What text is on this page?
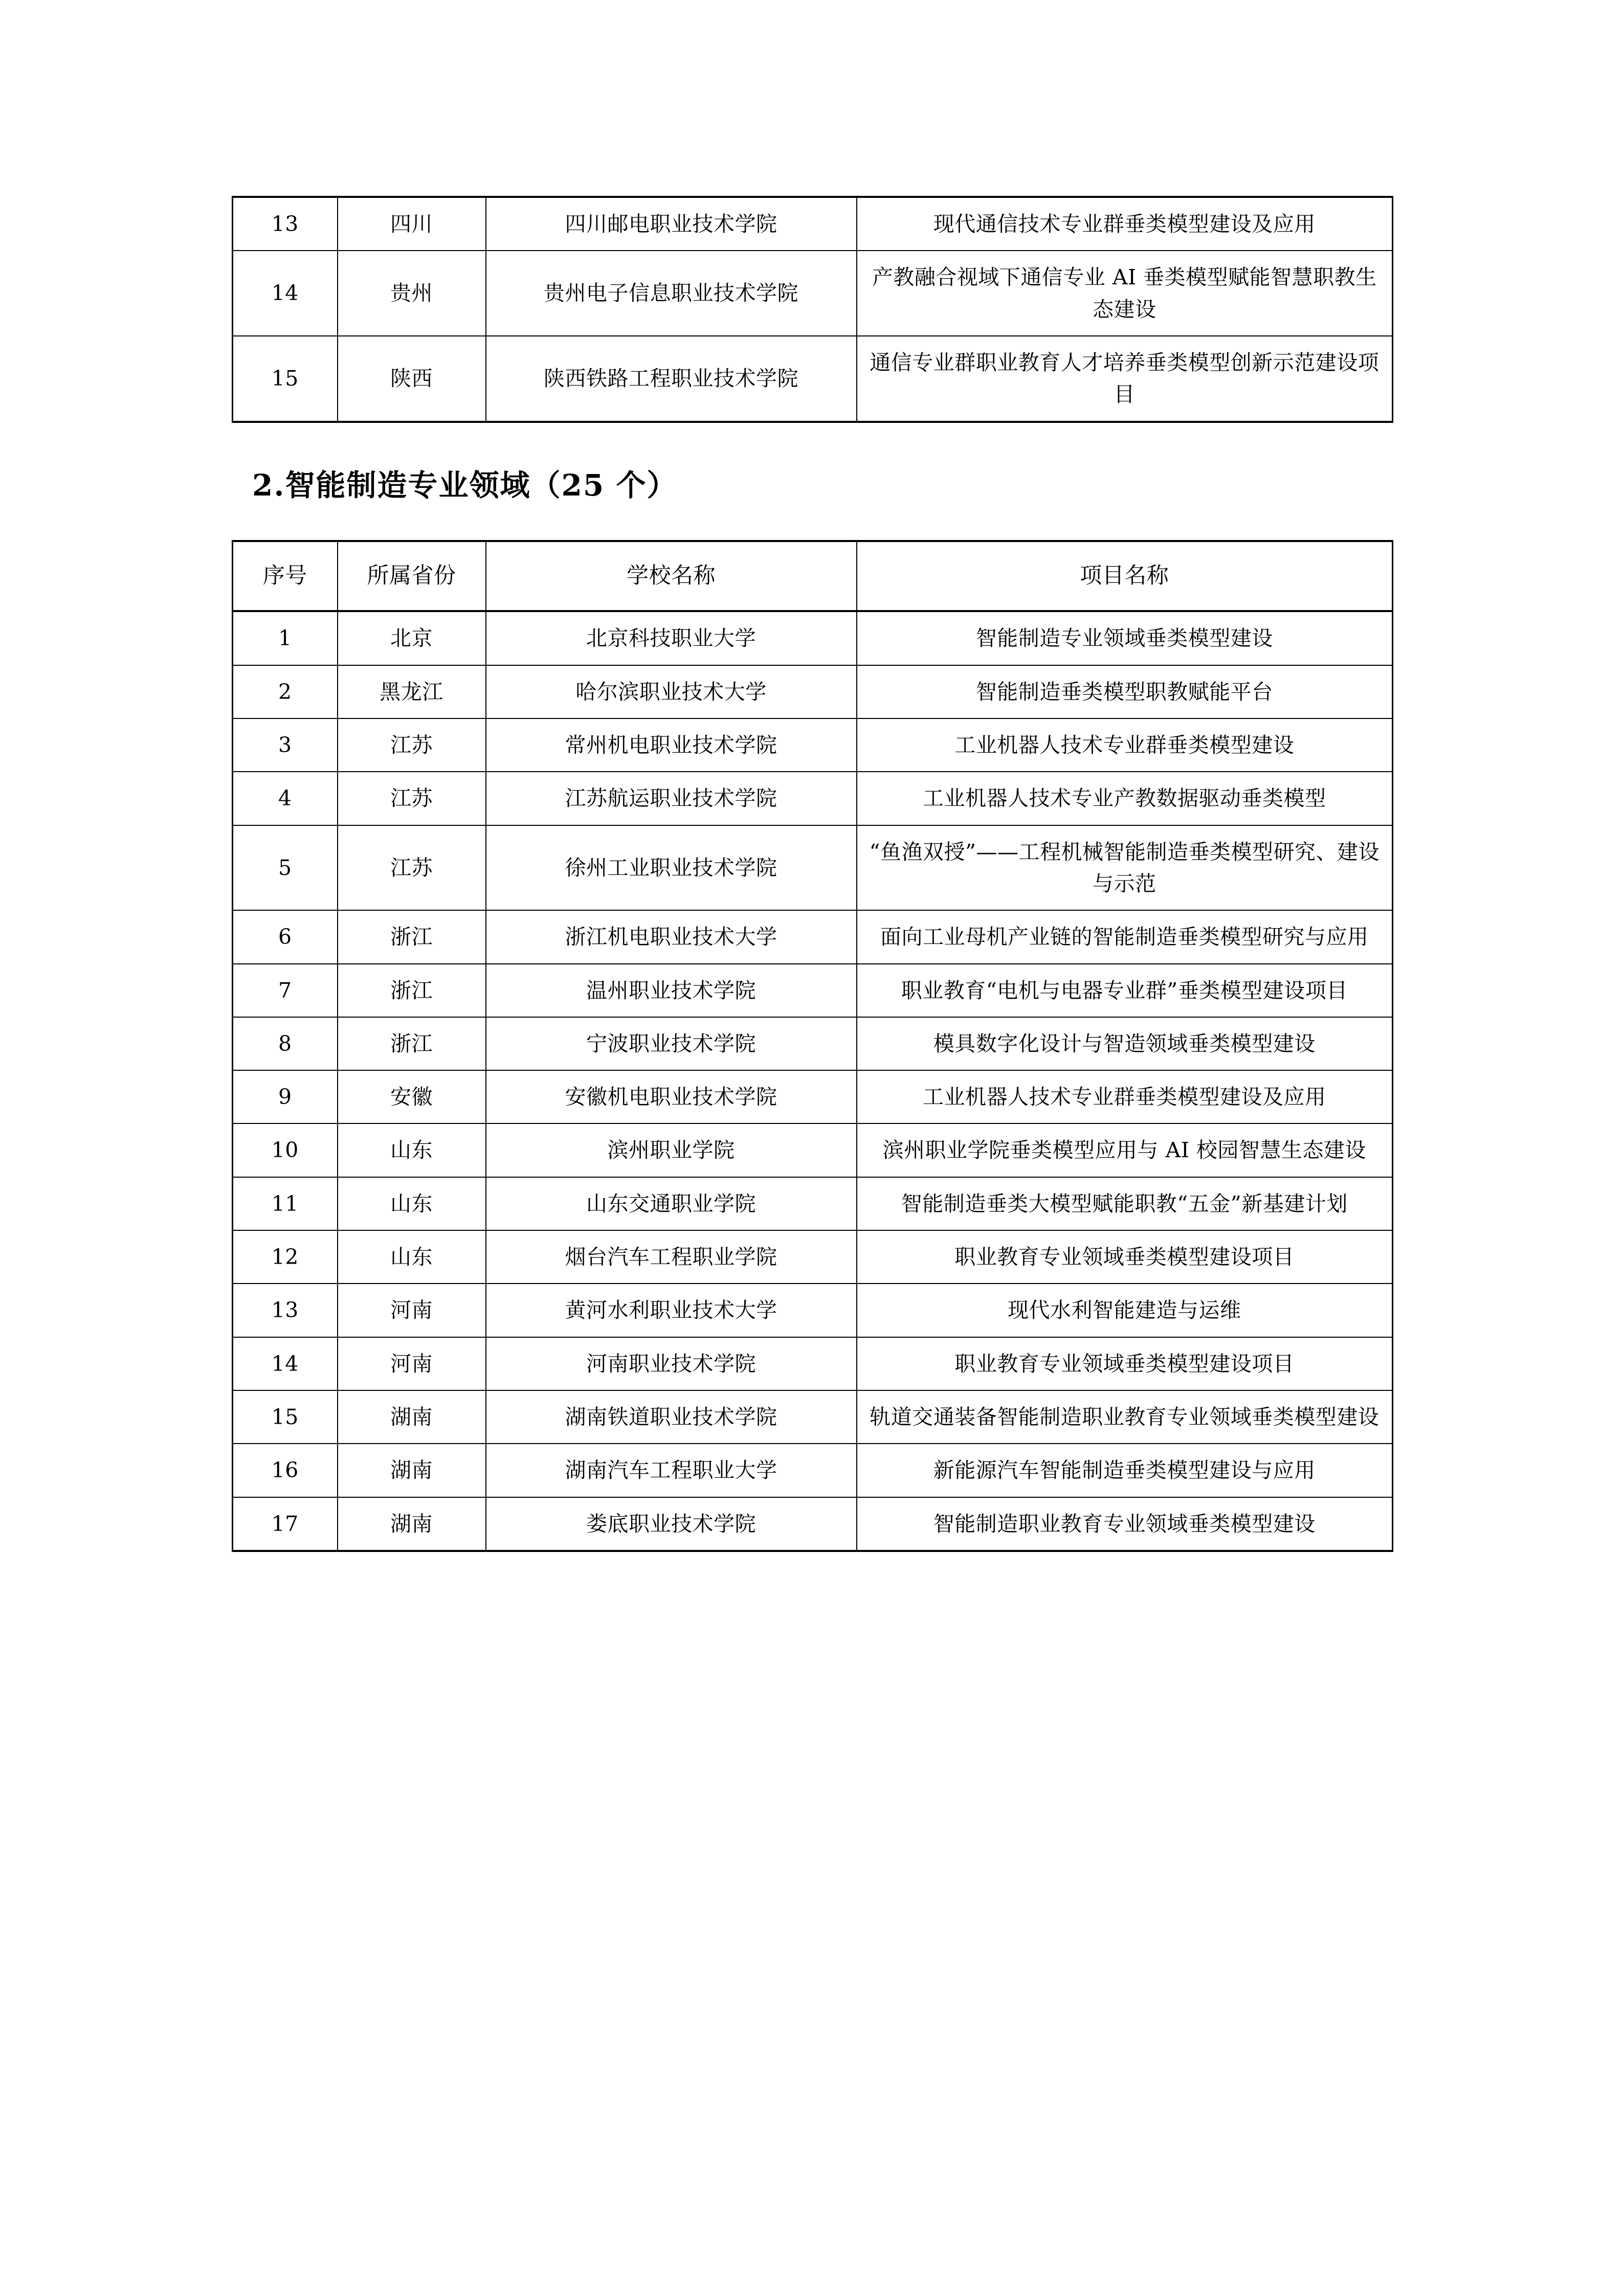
13	四川	四川邮电职业技术学院	现代通信技术专业群垂类模型建设及应用
14	贵州	贵州电子信息职业技术学院	产教融合视域下通信专业 AI 垂类模型赋能智慧职教生态建设
15	陕西	陕西铁路工程职业技术学院	通信专业群职业教育人才培养垂类模型创新示范建设项目

2.智能制造专业领域（25 个）

序号	所属省份	学校名称	项目名称
1	北京	北京科技职业大学	智能制造专业领域垂类模型建设
2	黑龙江	哈尔滨职业技术大学	智能制造垂类模型职教赋能平台
3	江苏	常州机电职业技术学院	工业机器人技术专业群垂类模型建设
4	江苏	江苏航运职业技术学院	工业机器人技术专业产教数据驱动垂类模型
5	江苏	徐州工业职业技术学院	“鱼渔双授”——工程机械智能制造垂类模型研究、建设与示范
6	浙江	浙江机电职业技术大学	面向工业母机产业链的智能制造垂类模型研究与应用
7	浙江	温州职业技术学院	职业教育“电机与电器专业群”垂类模型建设项目
8	浙江	宁波职业技术学院	模具数字化设计与智造领域垂类模型建设
9	安徽	安徽机电职业技术学院	工业机器人技术专业群垂类模型建设及应用
10	山东	滨州职业学院	滨州职业学院垂类模型应用与 AI 校园智慧生态建设
11	山东	山东交通职业学院	智能制造垂类大模型赋能职教“五金”新基建计划
12	山东	烟台汽车工程职业学院	职业教育专业领域垂类模型建设项目
13	河南	黄河水利职业技术大学	现代水利智能建造与运维
14	河南	河南职业技术学院	职业教育专业领域垂类模型建设项目
15	湖南	湖南铁道职业技术学院	轨道交通装备智能制造职业教育专业领域垂类模型建设
16	湖南	湖南汽车工程职业大学	新能源汽车智能制造垂类模型建设与应用
17	湖南	娄底职业技术学院	智能制造职业教育专业领域垂类模型建设
